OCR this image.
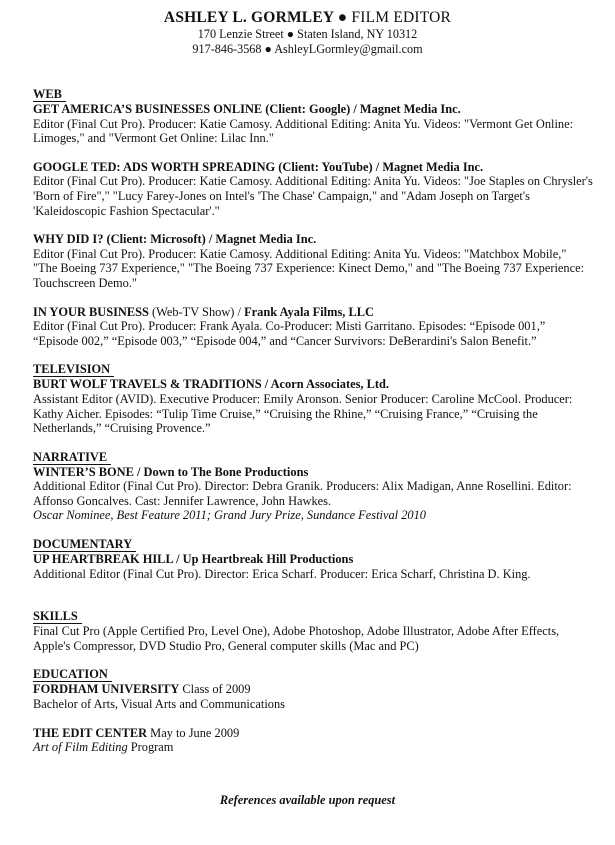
ASHLEY L. GORMLEY ● FILM EDITOR
170 Lenzie Street ● Staten Island, NY 10312
917-846-3568 ● AshleyLGormley@gmail.com
WEB
GET AMERICA’S BUSINESSES ONLINE (Client: Google) / Magnet Media Inc.
Editor (Final Cut Pro). Producer: Katie Camosy. Additional Editing: Anita Yu. Videos: "Vermont Get Online: Limoges," and "Vermont Get Online: Lilac Inn."
GOOGLE TED: ADS WORTH SPREADING (Client: YouTube) / Magnet Media Inc.
Editor (Final Cut Pro). Producer: Katie Camosy. Additional Editing: Anita Yu. Videos: "Joe Staples on Chrysler's 'Born of Fire"," "Lucy Farey-Jones on Intel's 'The Chase' Campaign," and "Adam Joseph on Target's 'Kaleidoscopic Fashion Spectacular'."
WHY DID I? (Client: Microsoft) / Magnet Media Inc.
Editor (Final Cut Pro). Producer: Katie Camosy. Additional Editing: Anita Yu. Videos: "Matchbox Mobile," "The Boeing 737 Experience," "The Boeing 737 Experience: Kinect Demo," and "The Boeing 737 Experience: Touchscreen Demo."
IN YOUR BUSINESS (Web-TV Show) / Frank Ayala Films, LLC
Editor (Final Cut Pro). Producer: Frank Ayala. Co-Producer: Misti Garritano. Episodes: “Episode 001,” “Episode 002,” “Episode 003,” “Episode 004,” and “Cancer Survivors: DeBerardini's Salon Benefit.”
TELEVISION
BURT WOLF TRAVELS & TRADITIONS / Acorn Associates, Ltd.
Assistant Editor (AVID). Executive Producer: Emily Aronson. Senior Producer: Caroline McCool. Producer: Kathy Aicher. Episodes: “Tulip Time Cruise,” “Cruising the Rhine,” “Cruising France,” “Cruising the Netherlands,” “Cruising Provence.”
NARRATIVE
WINTER’S BONE / Down to The Bone Productions
Additional Editor (Final Cut Pro). Director: Debra Granik. Producers: Alix Madigan, Anne Rosellini. Editor: Affonso Goncalves. Cast: Jennifer Lawrence, John Hawkes.
Oscar Nominee, Best Feature 2011; Grand Jury Prize, Sundance Festival 2010
DOCUMENTARY
UP HEARTBREAK HILL / Up Heartbreak Hill Productions
Additional Editor (Final Cut Pro). Director: Erica Scharf. Producer: Erica Scharf, Christina D. King.
SKILLS
Final Cut Pro (Apple Certified Pro, Level One), Adobe Photoshop, Adobe Illustrator, Adobe After Effects, Apple's Compressor, DVD Studio Pro, General computer skills (Mac and PC)
EDUCATION
FORDHAM UNIVERSITY Class of 2009
Bachelor of Arts, Visual Arts and Communications
THE EDIT CENTER May to June 2009
Art of Film Editing Program
References available upon request
